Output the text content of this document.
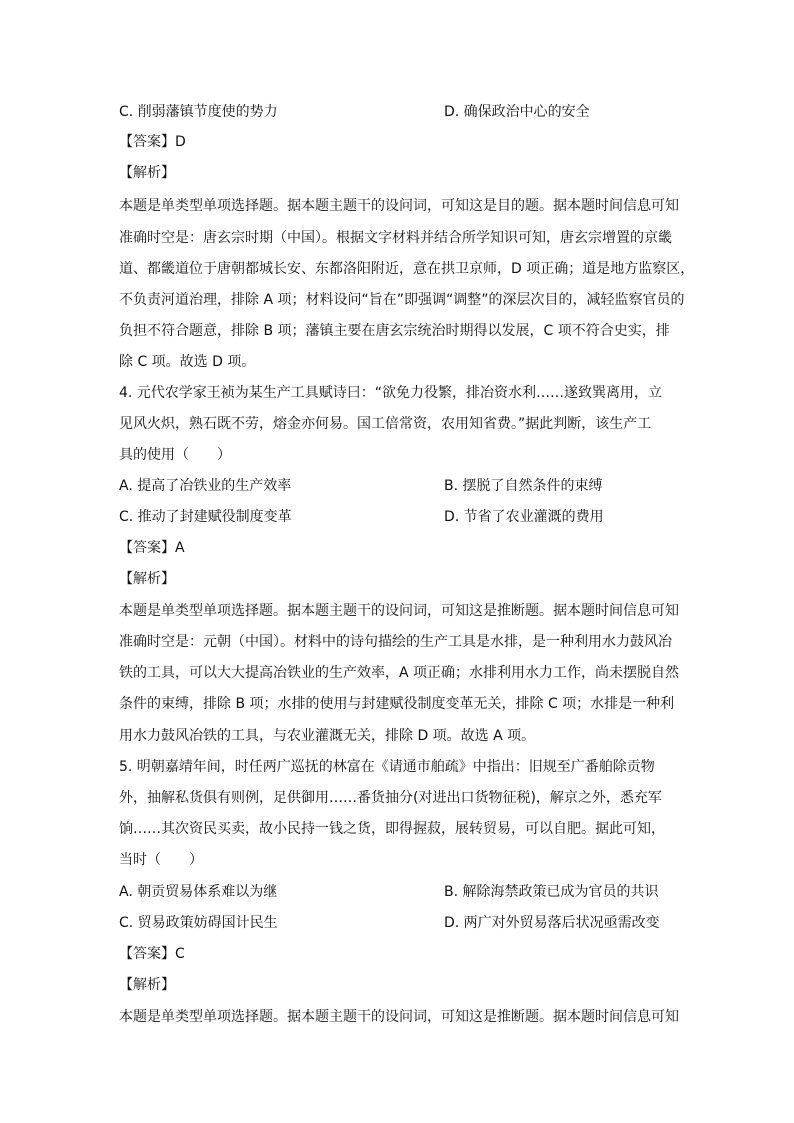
C. 削弱藩镇节度使的势力	D. 确保政治中心的安全
【答案】D
【解析】
本题是单类型单项选择题。据本题主题干的设问词，可知这是目的题。据本题时间信息可知
准确时空是：唐玄宗时期（中国）。根据文字材料并结合所学知识可知，唐玄宗增置的京畿
道、都畿道位于唐朝都城长安、东都洛阳附近，意在拱卫京师，D 项正确；道是地方监察区，
不负责河道治理，排除 A 项；材料设问“旨在”即强调“调整”的深层次目的，减轻监察官员的
负担不符合题意，排除 B 项；藩镇主要在唐玄宗统治时期得以发展，C 项不符合史实，排
除 C 项。故选 D 项。
4. 元代农学家王祯为某生产工具赋诗曰：“欲免力役繁，排冶资水利……遂致巽离用，立
见风火炽，熟石既不劳，熔金亦何易。国工倍常资，农用知省费。”据此判断，该生产工
具的使用（　　）
A. 提高了冶铁业的生产效率	B. 摆脱了自然条件的束缚
C. 推动了封建赋役制度变革	D. 节省了农业灌溉的费用
【答案】A
【解析】
本题是单类型单项选择题。据本题主题干的设问词，可知这是推断题。据本题时间信息可知
准确时空是：元朝（中国）。材料中的诗句描绘的生产工具是水排，是一种利用水力鼓风冶
铁的工具，可以大大提高冶铁业的生产效率，A 项正确；水排利用水力工作，尚未摆脱自然
条件的束缚，排除 B 项；水排的使用与封建赋役制度变革无关，排除 C 项；水排是一种利
用水力鼓风冶铁的工具，与农业灌溉无关，排除 D 项。故选 A 项。
5. 明朝嘉靖年间，时任两广巡抚的林富在《请通市舶疏》中指出：旧规至广番舶除贡物
外，抽解私货俱有则例，足供御用……番货抽分(对进出口货物征税)，解京之外，悉充军
饷……其次资民买卖，故小民持一钱之货，即得握菽，展转贸易，可以自肥。据此可知，
当时（　　）
A. 朝贡贸易体系难以为继	B. 解除海禁政策已成为官员的共识
C. 贸易政策妨碍国计民生	D. 两广对外贸易落后状况亟需改变
【答案】C
【解析】
本题是单类型单项选择题。据本题主题干的设问词，可知这是推断题。据本题时间信息可知
